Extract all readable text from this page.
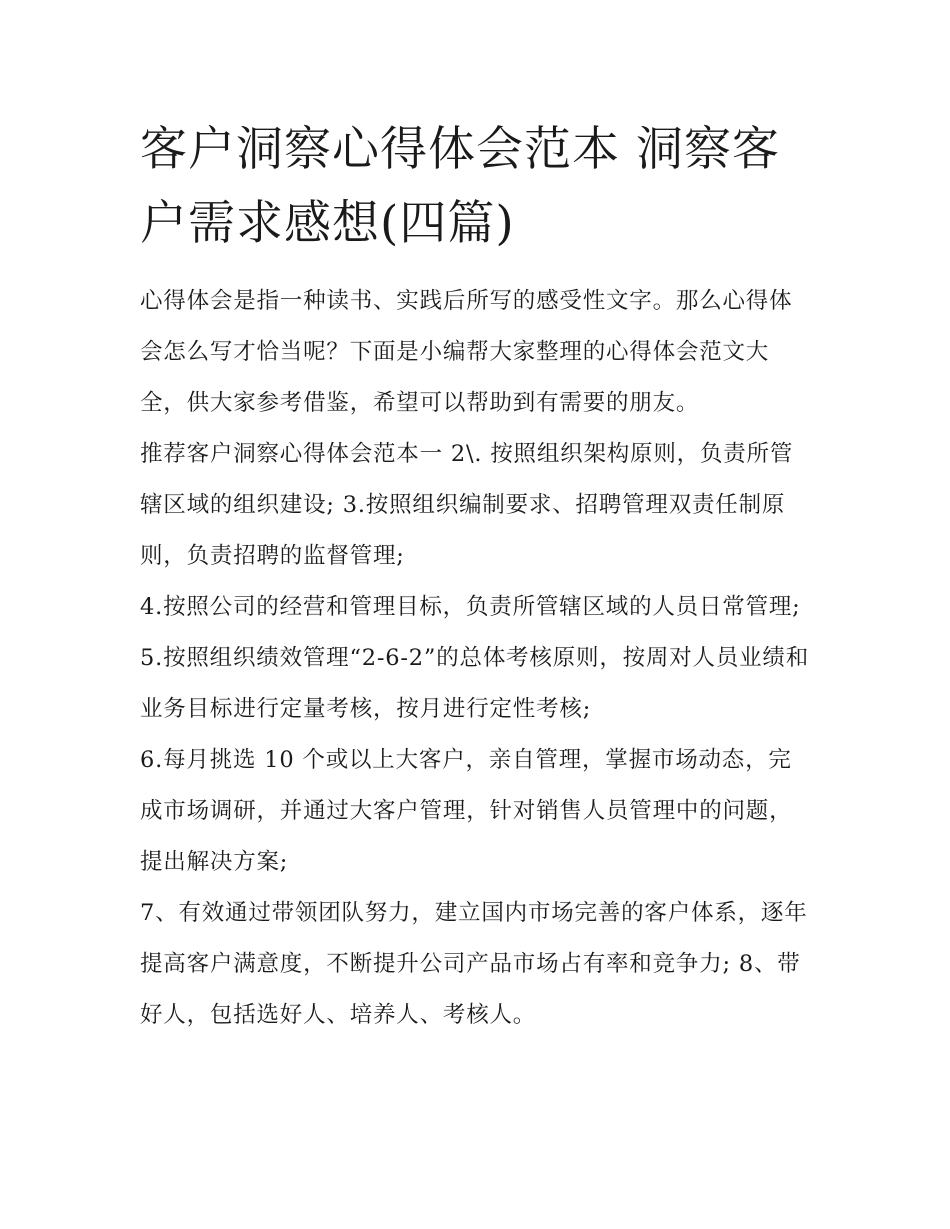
客户洞察心得体会范本 洞察客户需求感想(四篇)

心得体会是指一种读书、实践后所写的感受性文字。那么心得体会怎么写才恰当呢？下面是小编帮大家整理的心得体会范文大全，供大家参考借鉴，希望可以帮助到有需要的朋友。

推荐客户洞察心得体会范本一 2\. 按照组织架构原则，负责所管辖区域的组织建设; 3.按照组织编制要求、招聘管理双责任制原则，负责招聘的监督管理;

4.按照公司的经营和管理目标，负责所管辖区域的人员日常管理;

5.按照组织绩效管理“2-6-2”的总体考核原则，按周对人员业绩和业务目标进行定量考核，按月进行定性考核;

6.每月挑选 10 个或以上大客户，亲自管理，掌握市场动态，完成市场调研，并通过大客户管理，针对销售人员管理中的问题，提出解决方案;

7、有效通过带领团队努力，建立国内市场完善的客户体系，逐年提高客户满意度，不断提升公司产品市场占有率和竞争力; 8、带好人，包括选好人、培养人、考核人。
